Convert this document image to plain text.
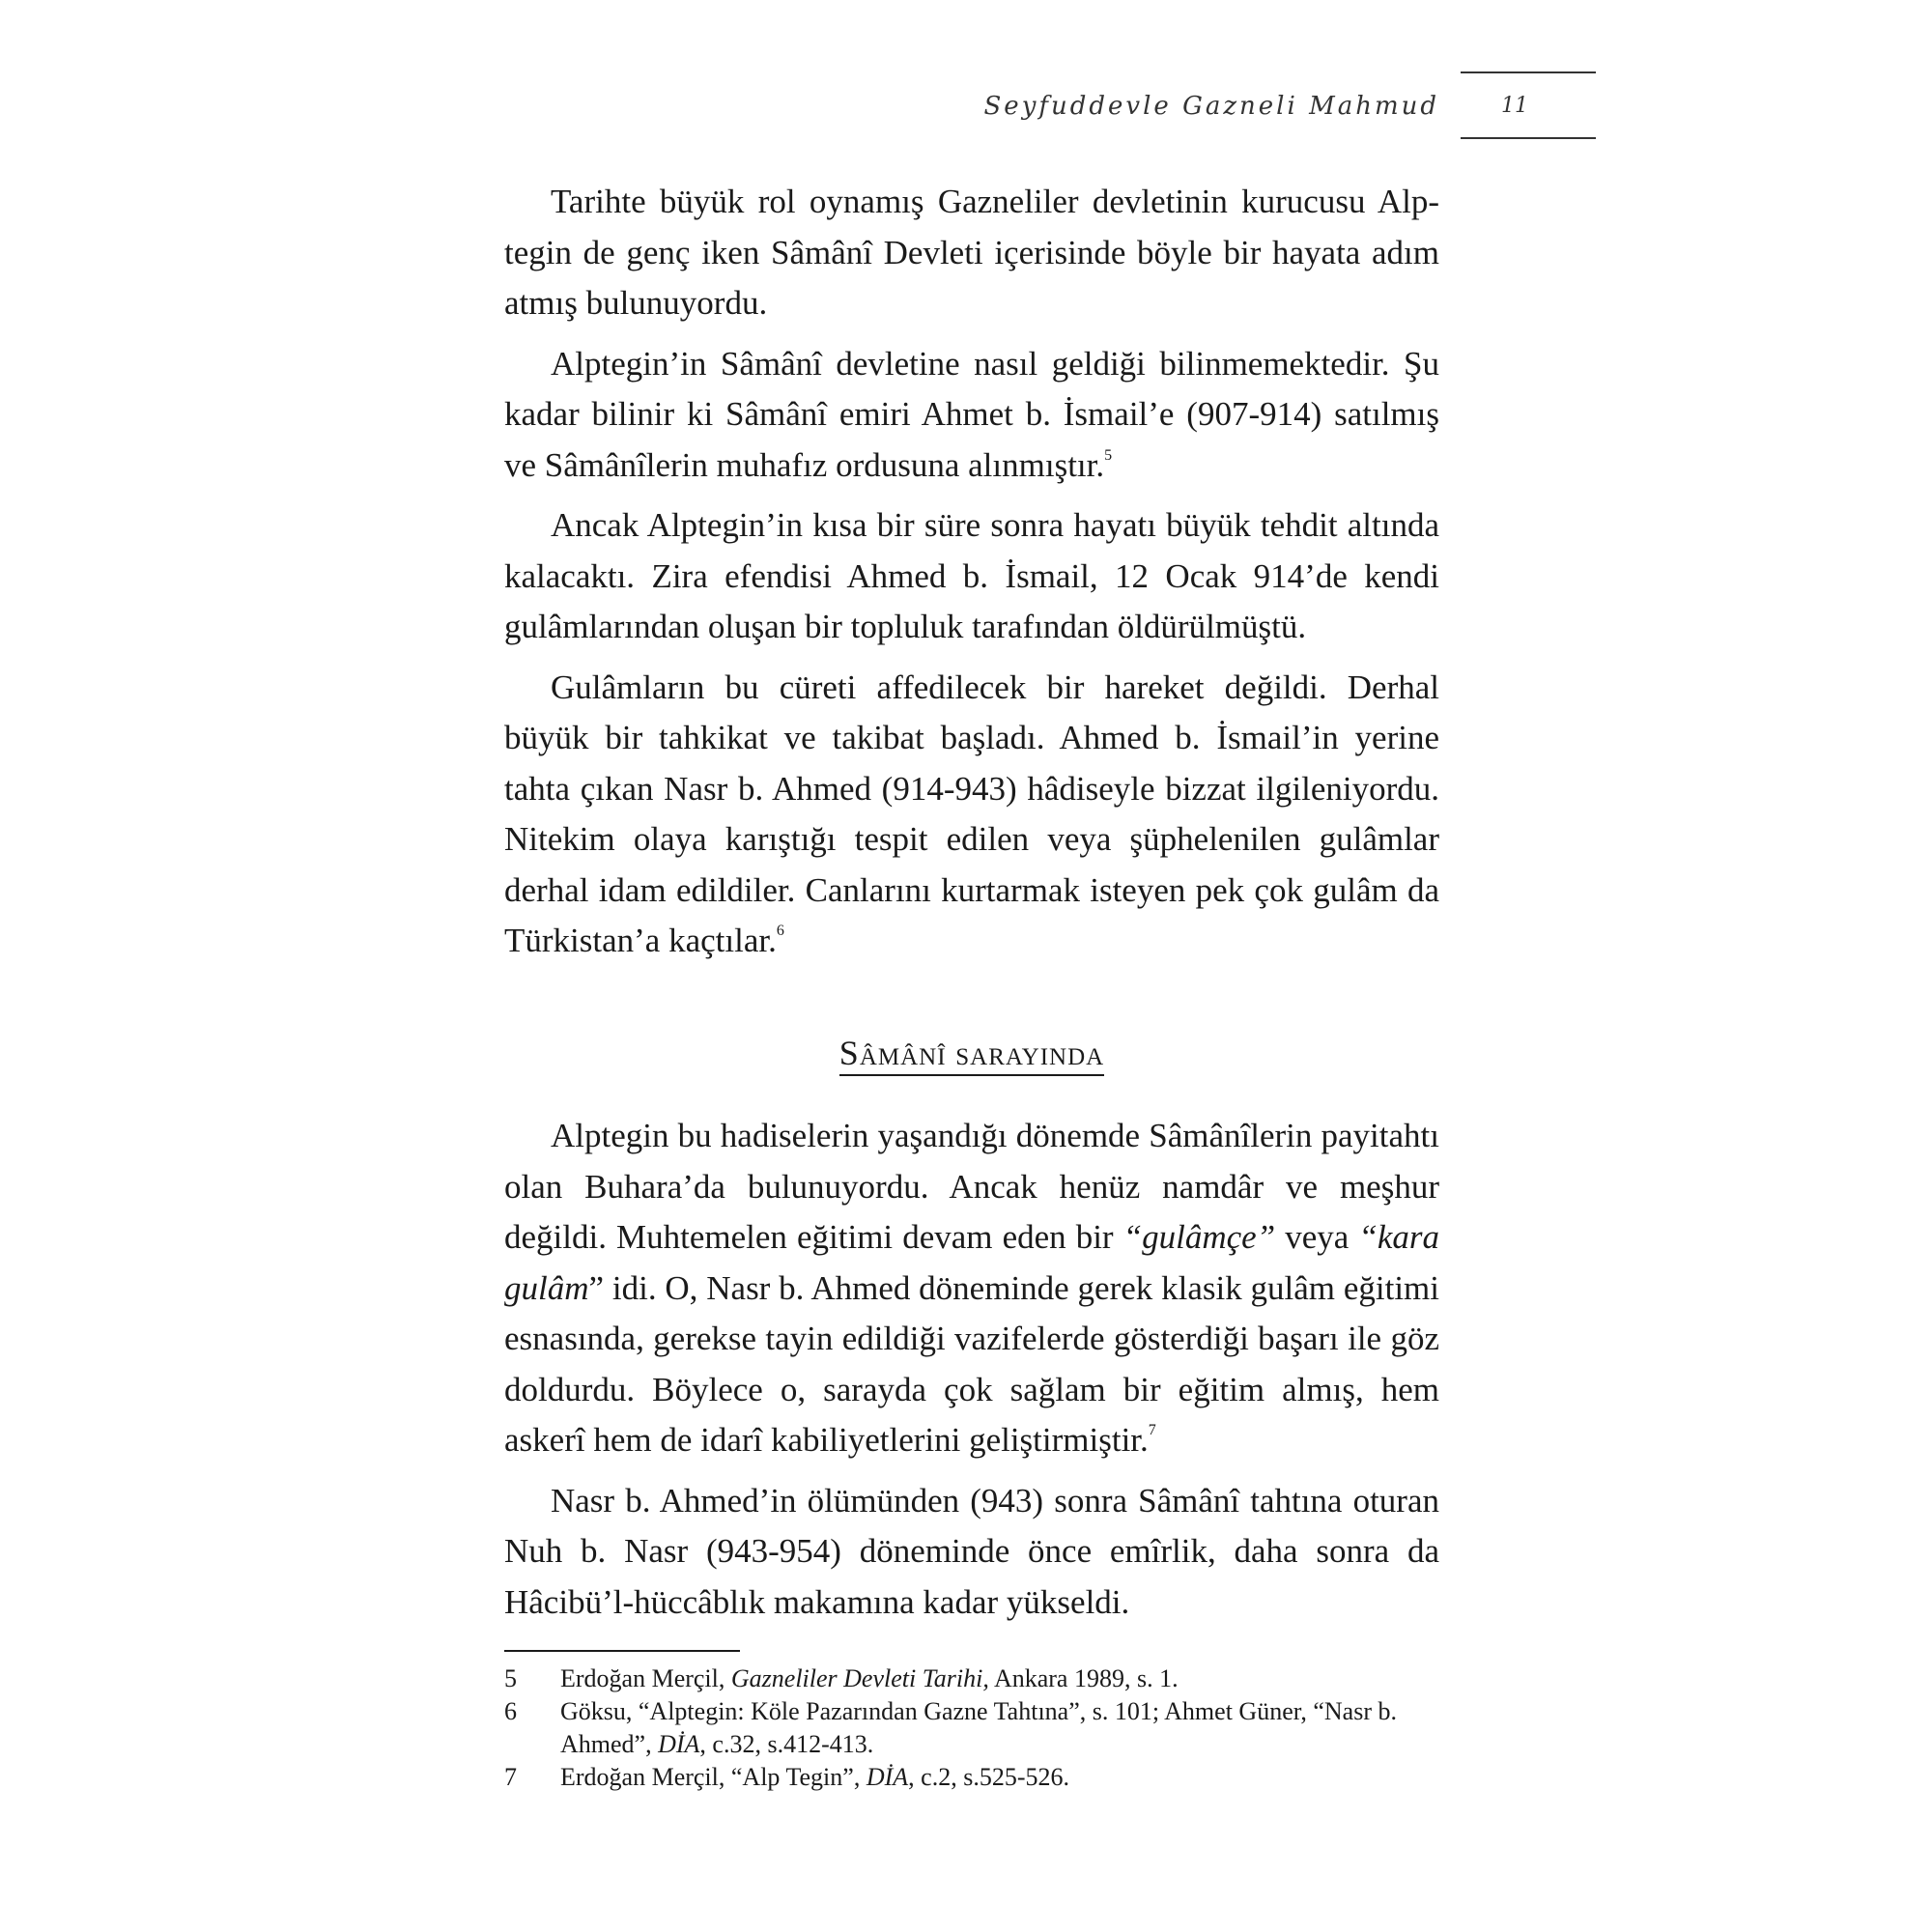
Seyfuddevle Gazneli Mahmud	11

Tarihte büyük rol oynamış Gazneliler devletinin kurucusu Alptegin de genç iken Sâmânî Devleti içerisinde böyle bir hayata adım atmış bulunuyordu.

Alptegin’in Sâmânî devletine nasıl geldiği bilinmemektedir. Şu kadar bilinir ki Sâmânî emiri Ahmet b. İsmail’e (907-914) satılmış ve Sâmânîlerin muhafız ordusuna alınmıştır.$^5$

Ancak Alptegin’in kısa bir süre sonra hayatı büyük tehdit altında kalacaktı. Zira efendisi Ahmed b. İsmail, 12 Ocak 914’de kendi gulâmlarından oluşan bir topluluk tarafından öldürülmüştü.

Gulâmların bu cüreti affedilecek bir hareket değildi. Derhal büyük bir tahkikat ve takibat başladı. Ahmed b. İsmail’in yerine tahta çıkan Nasr b. Ahmed (914-943) hâdiseyle bizzat ilgileniyordu. Nitekim olaya karıştığı tespit edilen veya şüphelenilen gulâmlar derhal idam edildiler. Canlarını kurtarmak isteyen pek çok gulâm da Türkistan’a kaçtılar.$^6$

Sâmânî sarayında

Alptegin bu hadiselerin yaşandığı dönemde Sâmânîlerin payitahtı olan Buhara’da bulunuyordu. Ancak henüz namdâr ve meşhur değildi. Muhtemelen eğitimi devam eden bir “gulâmçe” veya “kara gulâm” idi. O, Nasr b. Ahmed döneminde gerek klasik gulâm eğitimi esnasında, gerekse tayin edildiği vazifelerde gösterdiği başarı ile göz doldurdu. Böylece o, sarayda çok sağlam bir eğitim almış, hem askerî hem de idarî kabiliyetlerini geliştirmiştir.$^7$

Nasr b. Ahmed’in ölümünden (943) sonra Sâmânî tahtına oturan Nuh b. Nasr (943-954) döneminde önce emîrlik, daha sonra da Hâcibü’l-hüccâblık makamına kadar yükseldi.

5	Erdoğan Merçil, Gazneliler Devleti Tarihi, Ankara 1989, s. 1.
6	Göksu, “Alptegin: Köle Pazarından Gazne Tahtına”, s. 101; Ahmet Güner, “Nasr b. Ahmed”, DİA, c.32, s.412-413.
7	Erdoğan Merçil, “Alp Tegin”, DİA, c.2, s.525-526.
